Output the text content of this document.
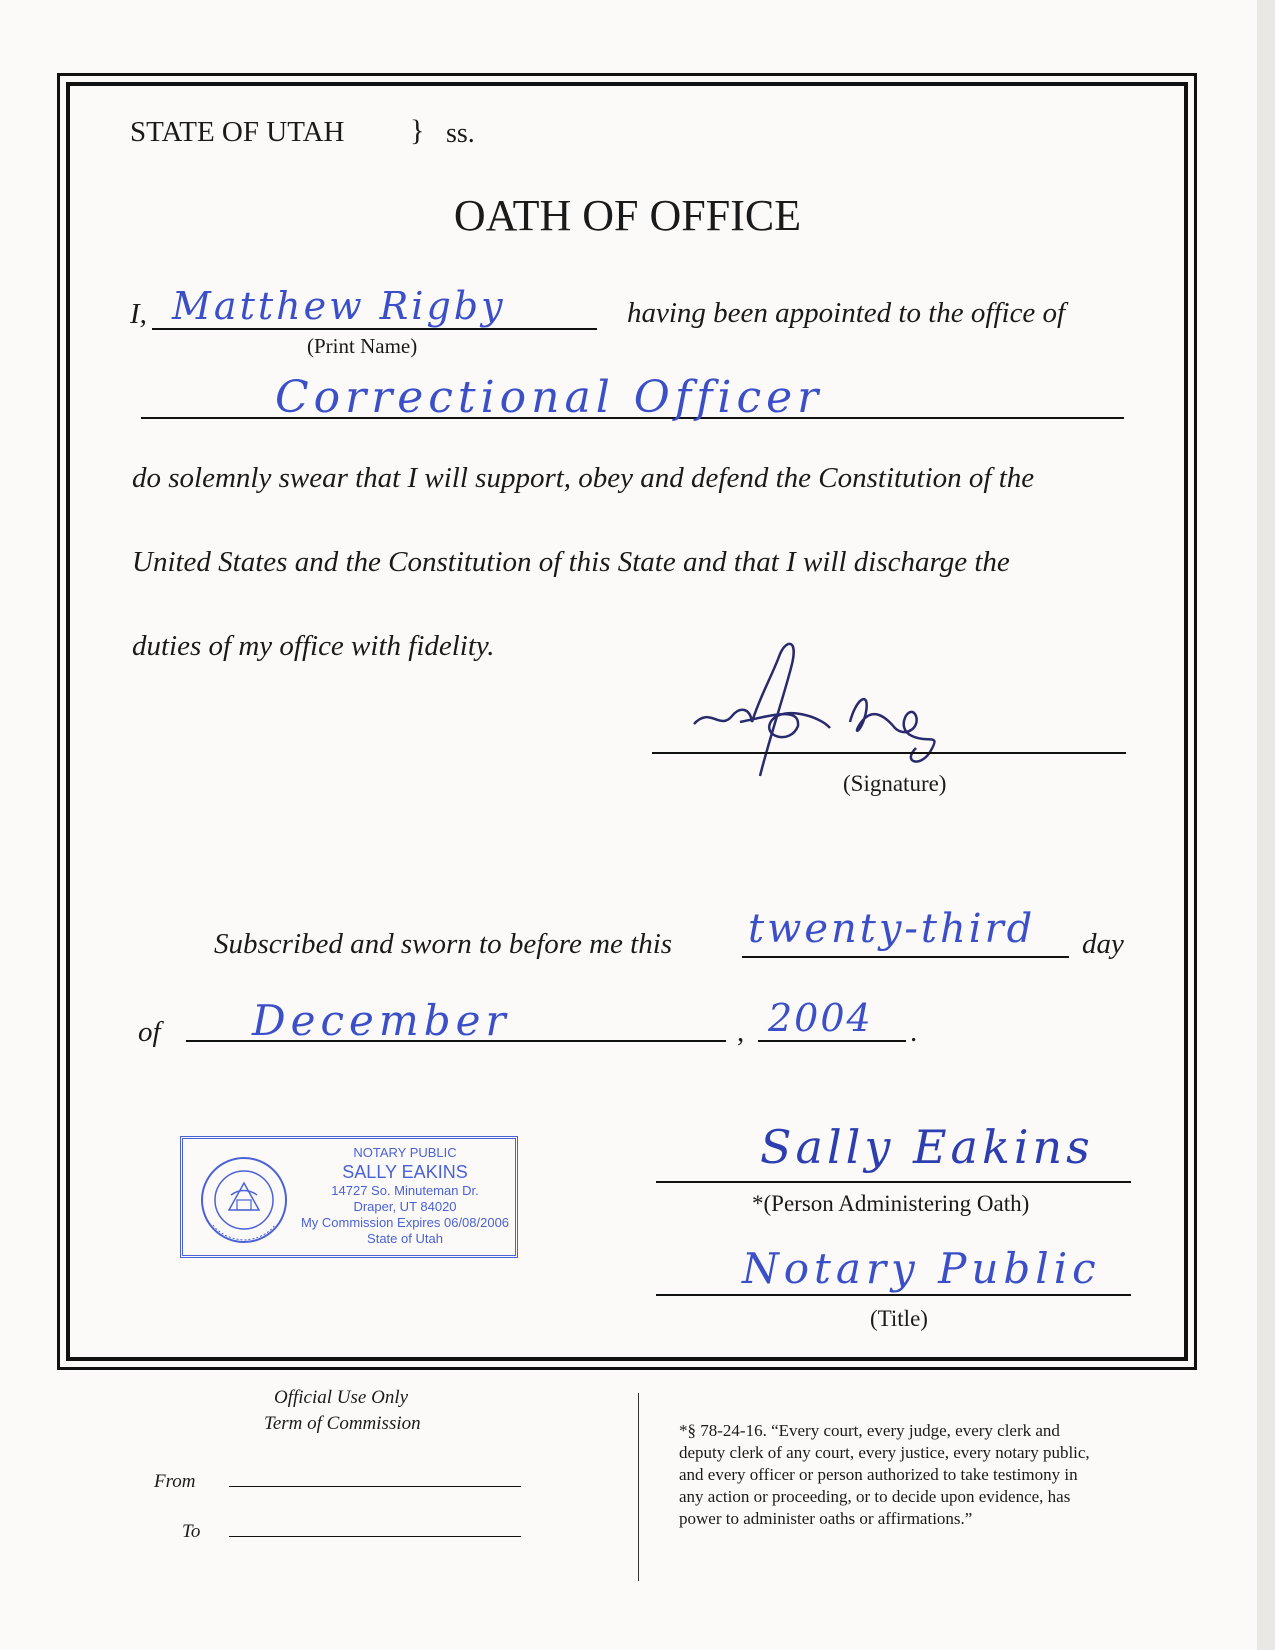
STATE OF UTAH } ss.
OATH OF OFFICE
I, Matthew Rigby
(Print Name)
having been appointed to the office of
Correctional Officer
do solemnly swear that I will support, obey and defend the Constitution of the
United States and the Constitution of this State and that I will discharge the
duties of my office with fidelity.
(Signature)
Subscribed and sworn to before me this twenty-third day
of December	, 2004 .
NOTARY PUBLIC
SALLY EAKINS
14727 So. Minuteman Dr.
Draper, UT 84020
My Commission Expires 06/08/2006
State of Utah
Sally Eakins
*(Person Administering Oath)
Notary Public
(Title)
Official Use Only
Term of Commission
From
To
*§ 78-24-16. “Every court, every judge, every clerk and
deputy clerk of any court, every justice, every notary public,
and every officer or person authorized to take testimony in
any action or proceeding, or to decide upon evidence, has
power to administer oaths or affirmations.”
